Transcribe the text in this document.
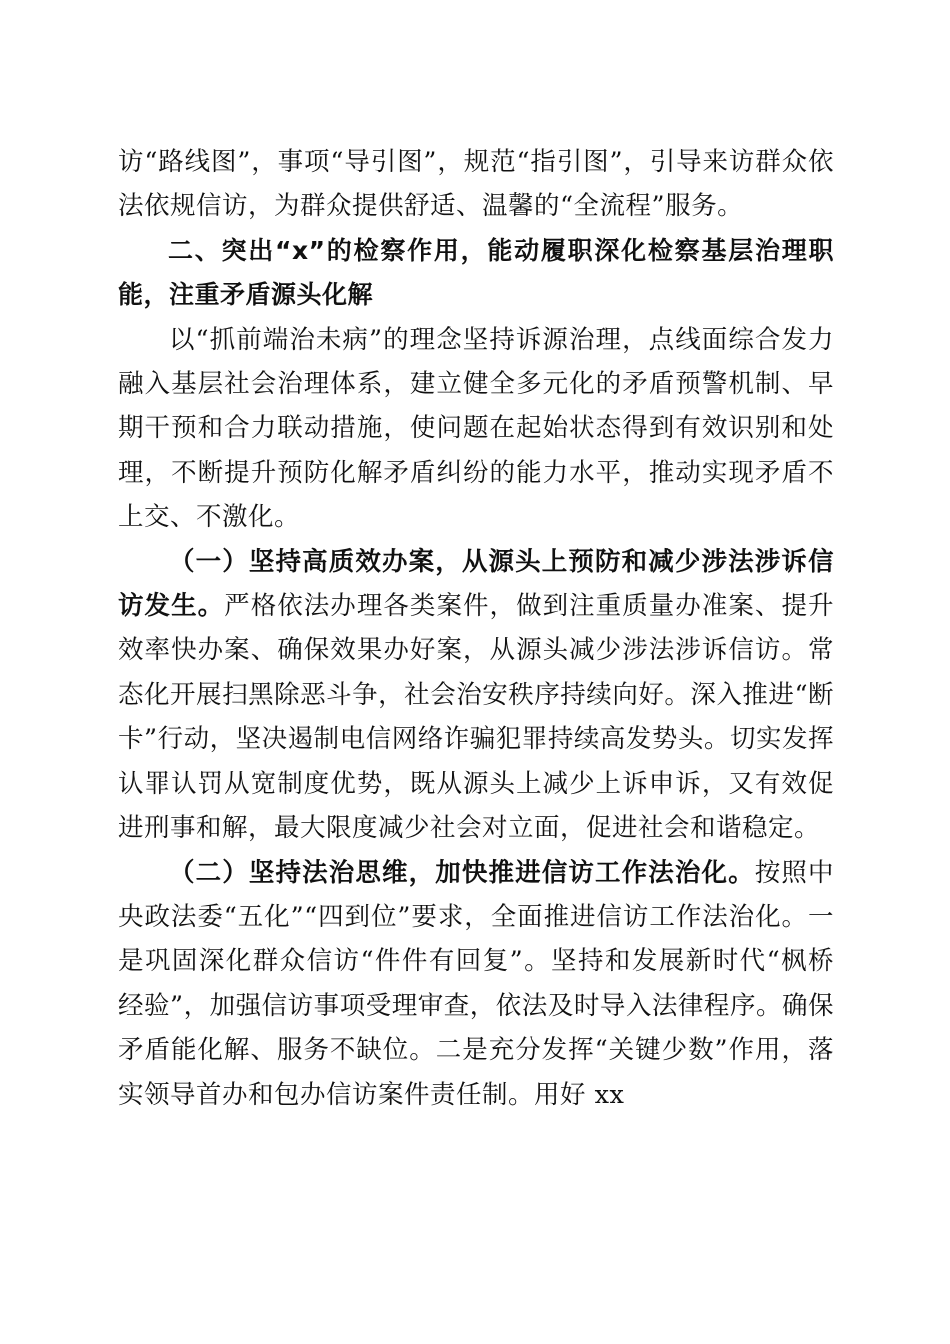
访“路线图”，事项“导引图”，规范“指引图”，引导来访群众依法依规信访，为群众提供舒适、温馨的“全流程”服务。

二、突出“x”的检察作用，能动履职深化检察基层治理职能，注重矛盾源头化解

以“抓前端治未病”的理念坚持诉源治理，点线面综合发力融入基层社会治理体系，建立健全多元化的矛盾预警机制、早期干预和合力联动措施，使问题在起始状态得到有效识别和处理，不断提升预防化解矛盾纠纷的能力水平，推动实现矛盾不上交、不激化。

（一）坚持高质效办案，从源头上预防和减少涉法涉诉信访发生。严格依法办理各类案件，做到注重质量办准案、提升效率快办案、确保效果办好案，从源头减少涉法涉诉信访。常态化开展扫黑除恶斗争，社会治安秩序持续向好。深入推进“断卡”行动，坚决遏制电信网络诈骗犯罪持续高发势头。切实发挥认罪认罚从宽制度优势，既从源头上减少上诉申诉，又有效促进刑事和解，最大限度减少社会对立面，促进社会和谐稳定。

（二）坚持法治思维，加快推进信访工作法治化。按照中央政法委“五化”“四到位”要求，全面推进信访工作法治化。一是巩固深化群众信访“件件有回复”。坚持和发展新时代“枫桥经验”，加强信访事项受理审查，依法及时导入法律程序。确保矛盾能化解、服务不缺位。二是充分发挥“关键少数”作用，落实领导首办和包办信访案件责任制。用好 xx
